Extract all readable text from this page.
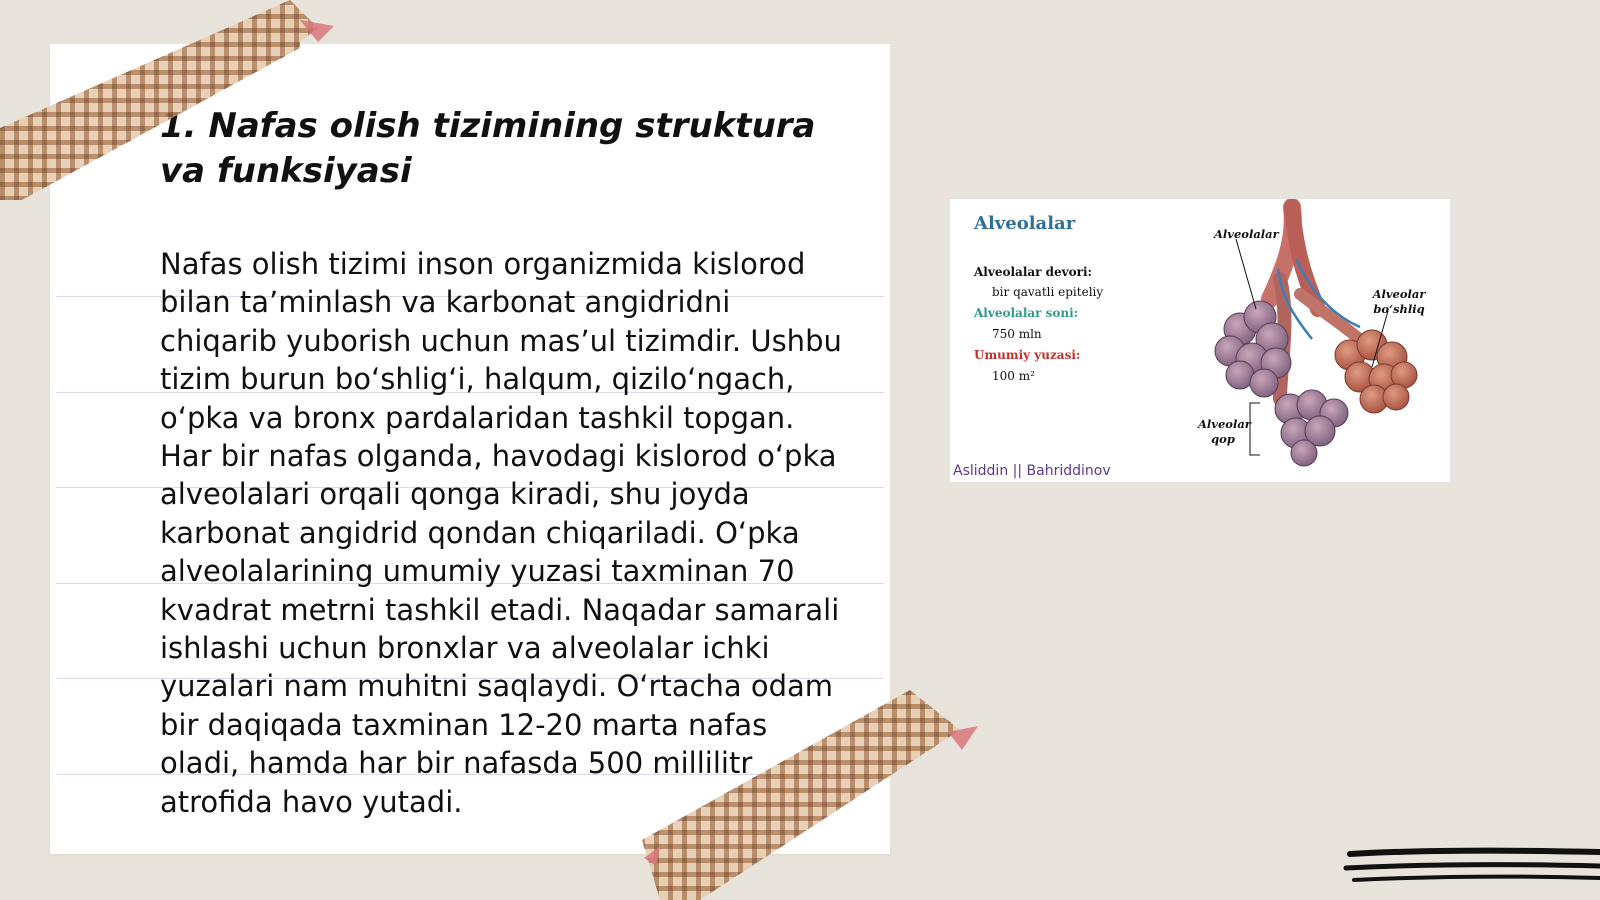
1. Nafas olish tizimining struktura va funksiyasi

Nafas olish tizimi inson organizmida kislorod bilan ta’minlash va karbonat angidridni chiqarib yuborish uchun mas’ul tizimdir. Ushbu tizim burun bo‘shlig‘i, halqum, qizilo‘ngach, o‘pka va bronx pardalaridan tashkil topgan. Har bir nafas olganda, havodagi kislorod o‘pka alveolalari orqali qonga kiradi, shu joyda karbonat angidrid qondan chiqariladi. O‘pka alveolalarining umumiy yuzasi taxminan 70 kvadrat metrni tashkil etadi. Naqadar samarali ishlashi uchun bronxlar va alveolalar ichki yuzalari nam muhitni saqlaydi. O‘rtacha odam bir daqiqada taxminan 12-20 marta nafas oladi, hamda har bir nafasda 500 millilitr atrofida havo yutadi.

Alveolalar
Alveolalar devori:
bir qavatli epiteliy
Alveolalar soni:
750 mln
Umumiy yuzasi:
100 m²
Alveolalar
Alveolar bo‘shliq
Alveolar qop
Asliddin || Bahriddinov
